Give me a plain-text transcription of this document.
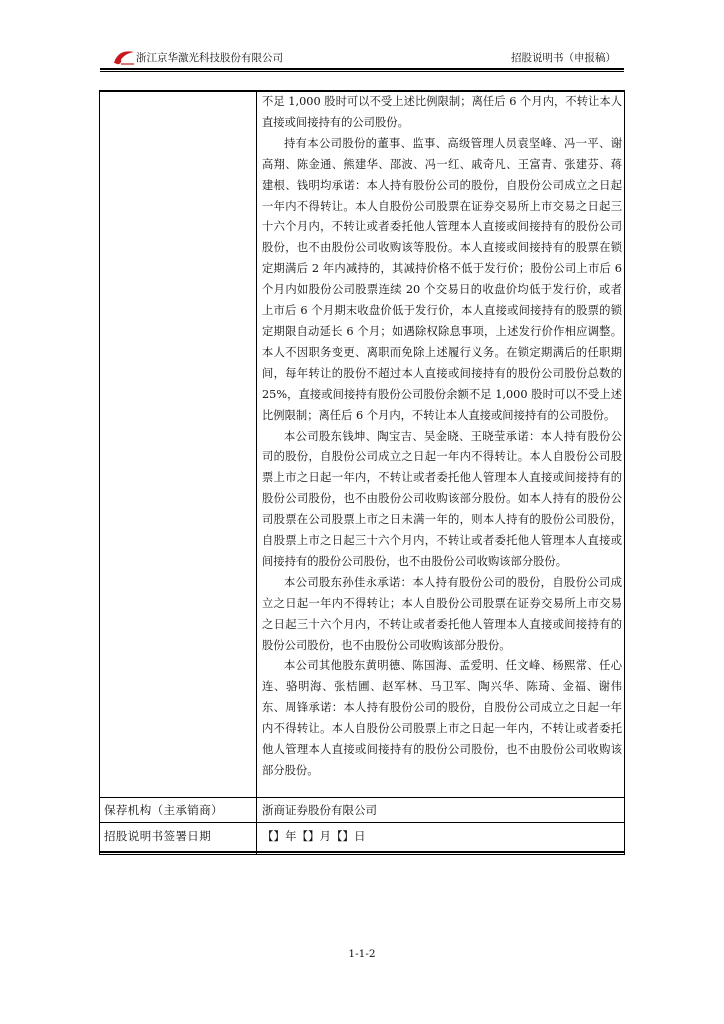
浙江京华激光科技股份有限公司	招股说明书（申报稿）

不足 1,000 股时可以不受上述比例限制；离任后 6 个月内，不转让本人直接或间接持有的公司股份。

持有本公司股份的董事、监事、高级管理人员袁坚峰、冯一平、谢高翔、陈金通、熊建华、邵波、冯一红、戚奇凡、王富青、张建芬、蒋建根、钱明均承诺：本人持有股份公司的股份，自股份公司成立之日起一年内不得转让。本人自股份公司股票在证券交易所上市交易之日起三十六个月内，不转让或者委托他人管理本人直接或间接持有的股份公司股份，也不由股份公司收购该等股份。本人直接或间接持有的股票在锁定期满后 2 年内减持的，其减持价格不低于发行价；股份公司上市后 6 个月内如股份公司股票连续 20 个交易日的收盘价均低于发行价，或者上市后 6 个月期末收盘价低于发行价，本人直接或间接持有的股票的锁定期限自动延长 6 个月；如遇除权除息事项，上述发行价作相应调整。本人不因职务变更、离职而免除上述履行义务。在锁定期满后的任职期间，每年转让的股份不超过本人直接或间接持有的股份公司股份总数的 25%，直接或间接持有股份公司股份余额不足 1,000 股时可以不受上述比例限制；离任后 6 个月内，不转让本人直接或间接持有的公司股份。

本公司股东钱坤、陶宝吉、吴金晓、王晓莹承诺：本人持有股份公司的股份，自股份公司成立之日起一年内不得转让。本人自股份公司股票上市之日起一年内，不转让或者委托他人管理本人直接或间接持有的股份公司股份，也不由股份公司收购该部分股份。如本人持有的股份公司股票在公司股票上市之日未满一年的，则本人持有的股份公司股份，自股票上市之日起三十六个月内，不转让或者委托他人管理本人直接或间接持有的股份公司股份，也不由股份公司收购该部分股份。

本公司股东孙佳永承诺：本人持有股份公司的股份，自股份公司成立之日起一年内不得转让；本人自股份公司股票在证券交易所上市交易之日起三十六个月内，不转让或者委托他人管理本人直接或间接持有的股份公司股份，也不由股份公司收购该部分股份。

本公司其他股东黄明德、陈国海、孟爱明、任文峰、杨熙常、任心连、骆明海、张桔圃、赵军林、马卫军、陶兴华、陈琦、金福、谢伟东、周锋承诺：本人持有股份公司的股份，自股份公司成立之日起一年内不得转让。本人自股份公司股票上市之日起一年内，不转让或者委托他人管理本人直接或间接持有的股份公司股份，也不由股份公司收购该部分股份。

保荐机构（主承销商）	浙商证券股份有限公司
招股说明书签署日期	【】年【】月【】日
1-1-2
